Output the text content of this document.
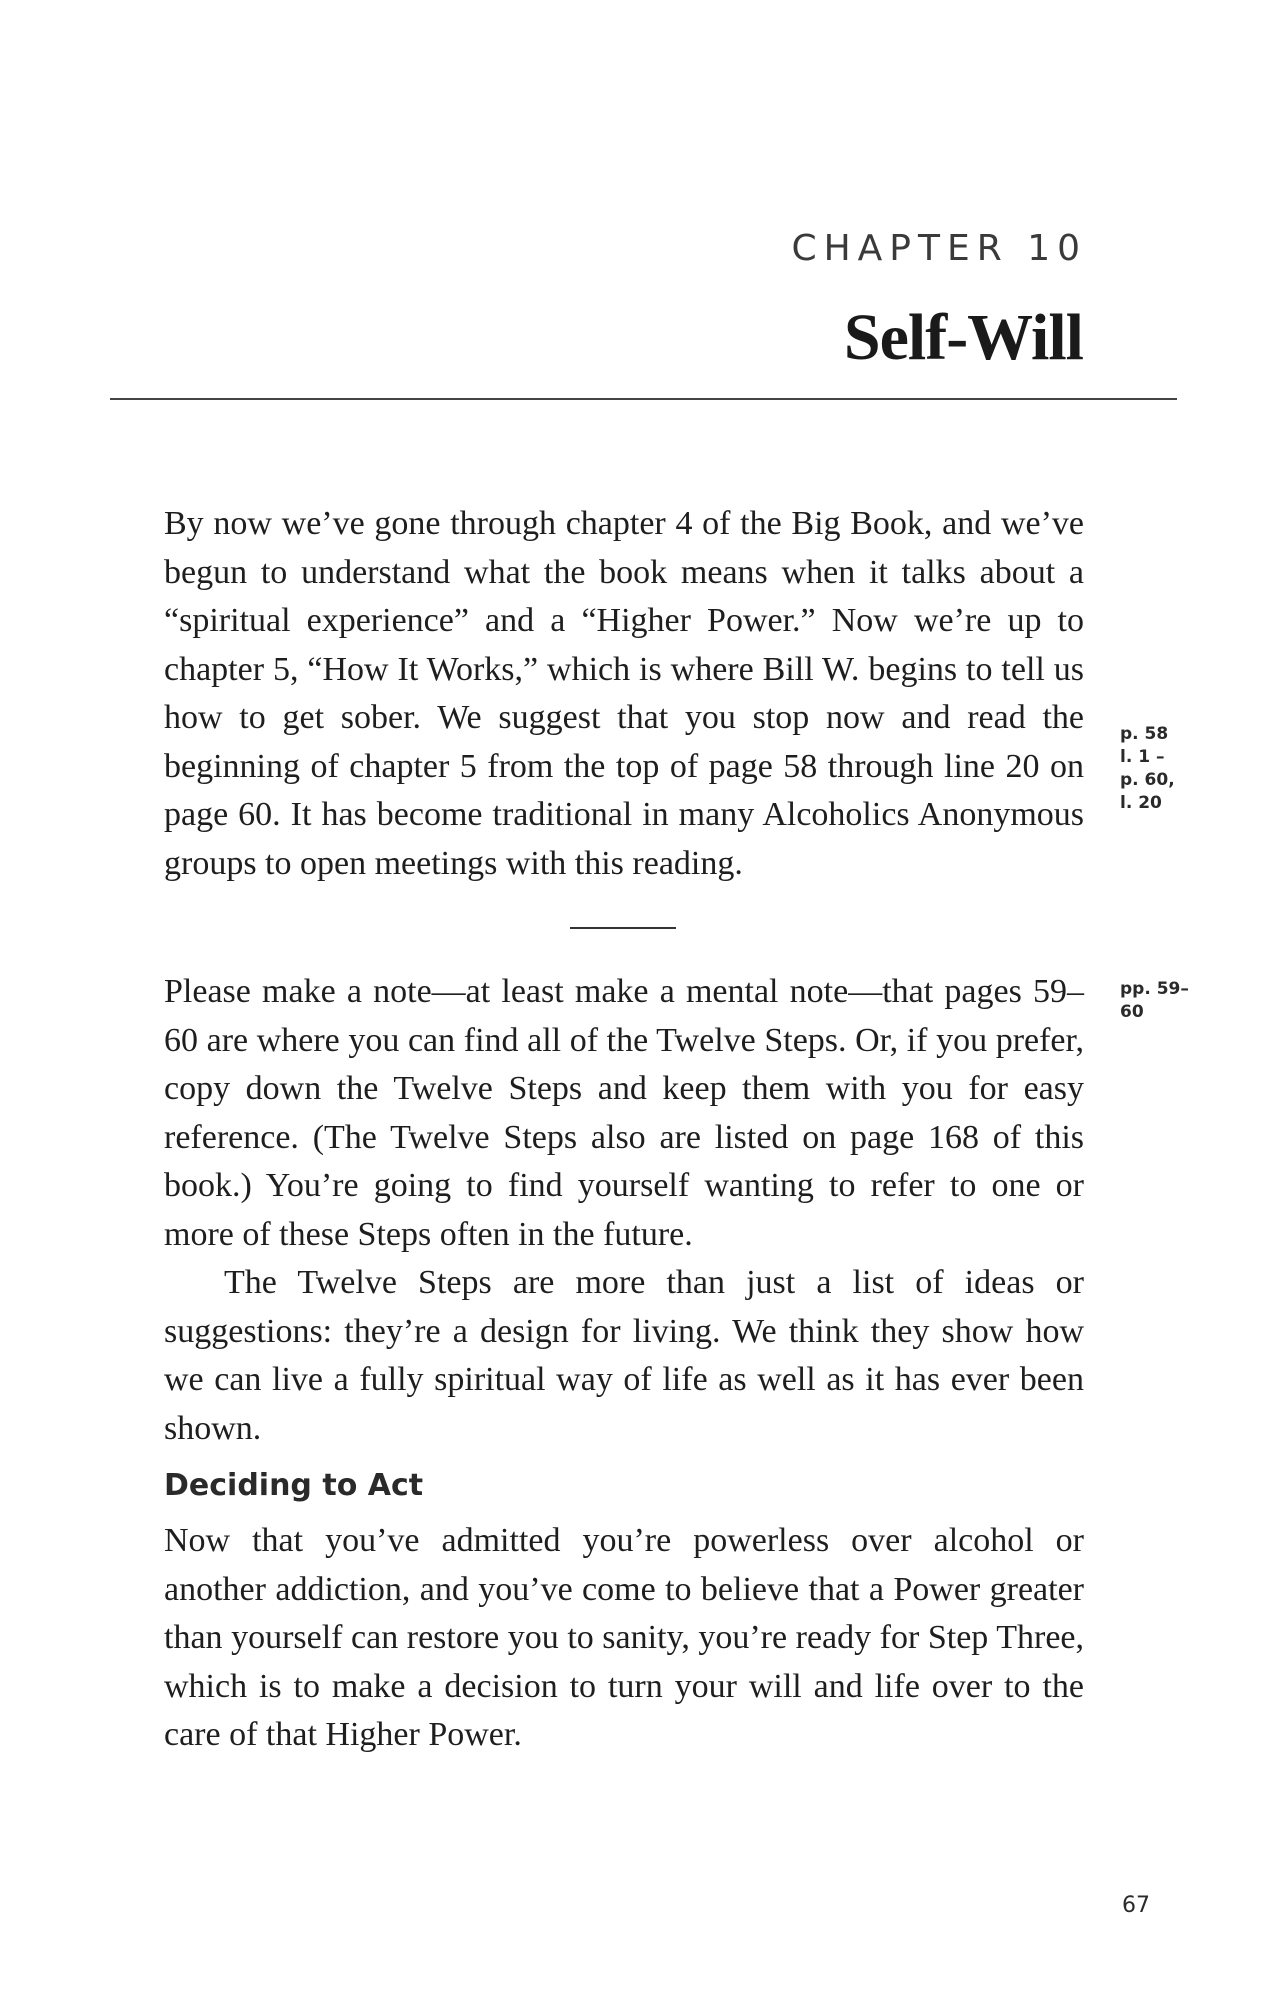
CHAPTER 10
Self-Will

By now we’ve gone through chapter 4 of the Big Book, and we’ve begun to understand what the book means when it talks about a “spiritual experience” and a “Higher Power.” Now we’re up to chapter 5, “How It Works,” which is where Bill W. begins to tell us how to get sober. We suggest that you stop now and read the beginning of chapter 5 from the top of page 58 through line 20 on page 60. It has become traditional in many Alcoholics Anonymous groups to open meetings with this reading.

p. 58
l. 1 –
p. 60,
l. 20

Please make a note—at least make a mental note—that pages 59–60 are where you can find all of the Twelve Steps. Or, if you prefer, copy down the Twelve Steps and keep them with you for easy reference. (The Twelve Steps also are listed on page 168 of this book.) You’re going to find yourself wanting to refer to one or more of these Steps often in the future.

pp. 59–
60

The Twelve Steps are more than just a list of ideas or suggestions: they’re a design for living. We think they show how we can live a fully spiritual way of life as well as it has ever been shown.

Deciding to Act

Now that you’ve admitted you’re powerless over alcohol or another addiction, and you’ve come to believe that a Power greater than yourself can restore you to sanity, you’re ready for Step Three, which is to make a decision to turn your will and life over to the care of that Higher Power.

67
